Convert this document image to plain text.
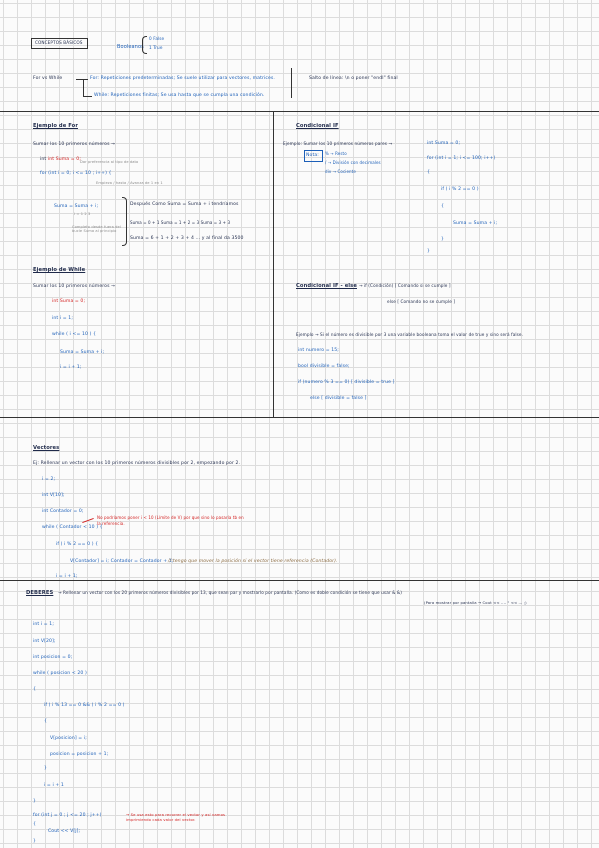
CONCEPTOS BÁSICOS
Booleanos
0 False
1 True
For vs While	For: Repeticiones predeterminadas; Se suele utilizar para vectores, matrices.
While: Repeticiones finitas; Se usa hasta que se cumpla una condición.
Salto de línea: \n o poner "endl" final
Ejemplo de For
Sumar los 10 primeros números →
int int Suma = 0; Dar preferencia al tipo de dato
for (int i = 0; i <= 10 ; i++) {
Empieza / hasta / Avanza de 1 en 1
Suma = Suma + i;
i = 1 2 3
Completo desde fuera del bucle Suma al principio
Después Como Suma = Suma + i tendríamos
Suma = 0 + 1 Suma = 1 + 2 = 3 Suma = 3 + 3
Suma = 6 + 1 + 2 + 3 + 4 ... y al final da 3500
Ejemplo de While
Sumar los 10 primeros números →
int Suma = 0;
int i = 1;
while ( i <= 10 ) {
Suma = Suma + i;
i = i + 1;
Condicional IF
Ejemplo: Sumar los 10 primeros números pares →
Nota: % → Resto
/ → División con decimales
div → Cociente
int Suma = 0;
for (int i = 1; i <= 100; i++)
{
if ( i % 2 == 0 )
{
Suma = Suma + i;
}
}
Condicional IF - else → if (Condición) [ Comando si se cumple ]
else [ Comando no se cumple ]
Ejemplo → Si el número es divisible por 3 una variable booleana toma el valor de true y sino será false.
int numero = 15;
bool divisible = false;
if (numero % 3 == 0) [ divisible = true ]
else [ divisible = false ]
Vectores
Ej: Rellenar un vector con los 10 primeros números divisibles por 2, empezando por 2.
i = 2;
int V[10];
int Contador = 0;
while ( Contador < 10 ) {
No podríamos poner i < 10 (Límite de V) por que sino lo pasaría tb en la referencia.
if ( i % 2 == 0 ) {
V[Contador] = i; Contador = Contador + 1;
// tengo que mover la posición si el vector tiene referencia (Contador).
i = i + 1;
DEBERES → Rellenar un vector con los 20 primeros números divisibles por 13, que sean par y mostrarlo por pantalla. (Como es doble condición se tiene que usar & &)
(Para mostrar por pantalla → Cout << .... " << ... ;)
int i = 1;
int V[20];
int posicion = 0;
while ( posicion < 20 )
{
if ( i % 13 == 0 && ( i % 2 == 0 )
{
V[posicion] = i;
posicion = posicion + 1;
}
i = i + 1
}
for (int j = 0 ; j <= 20 ; j++)
{
Cout << V[j];
}
→ Se usa esto para recorrer el vector y así vamos imprimiendo cada valor del vector.
